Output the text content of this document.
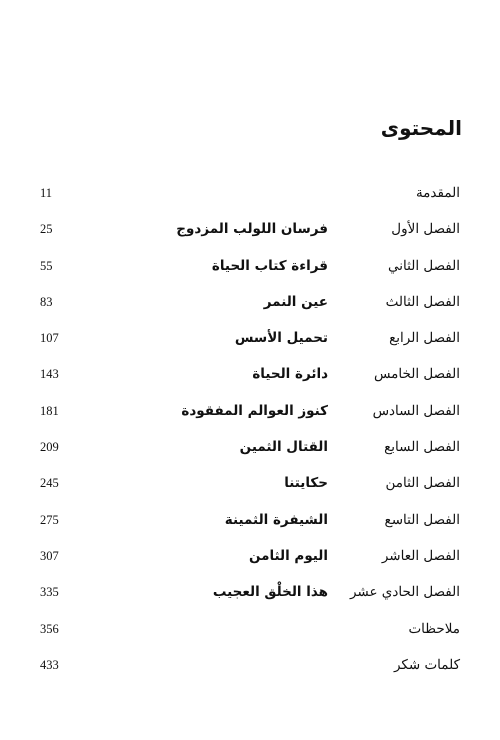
المحتوى
المقدمة
11
الفصل الأول
فرسان اللولب المزدوج
25
الفصل الثاني
قراءة كتاب الحياة
55
الفصل الثالث
عين النمر
83
الفصل الرابع
تحميل الأسس
107
الفصل الخامس
دائرة الحياة
143
الفصل السادس
كنوز العوالم المفقودة
181
الفصل السابع
القتال الثمين
209
الفصل الثامن
حكايتنا
245
الفصل التاسع
الشيفرة الثمينة
275
الفصل العاشر
اليوم الثامن
307
الفصل الحادي عشر
هذا الخلْق العجيب
335
ملاحظات
356
كلمات شكر
433
